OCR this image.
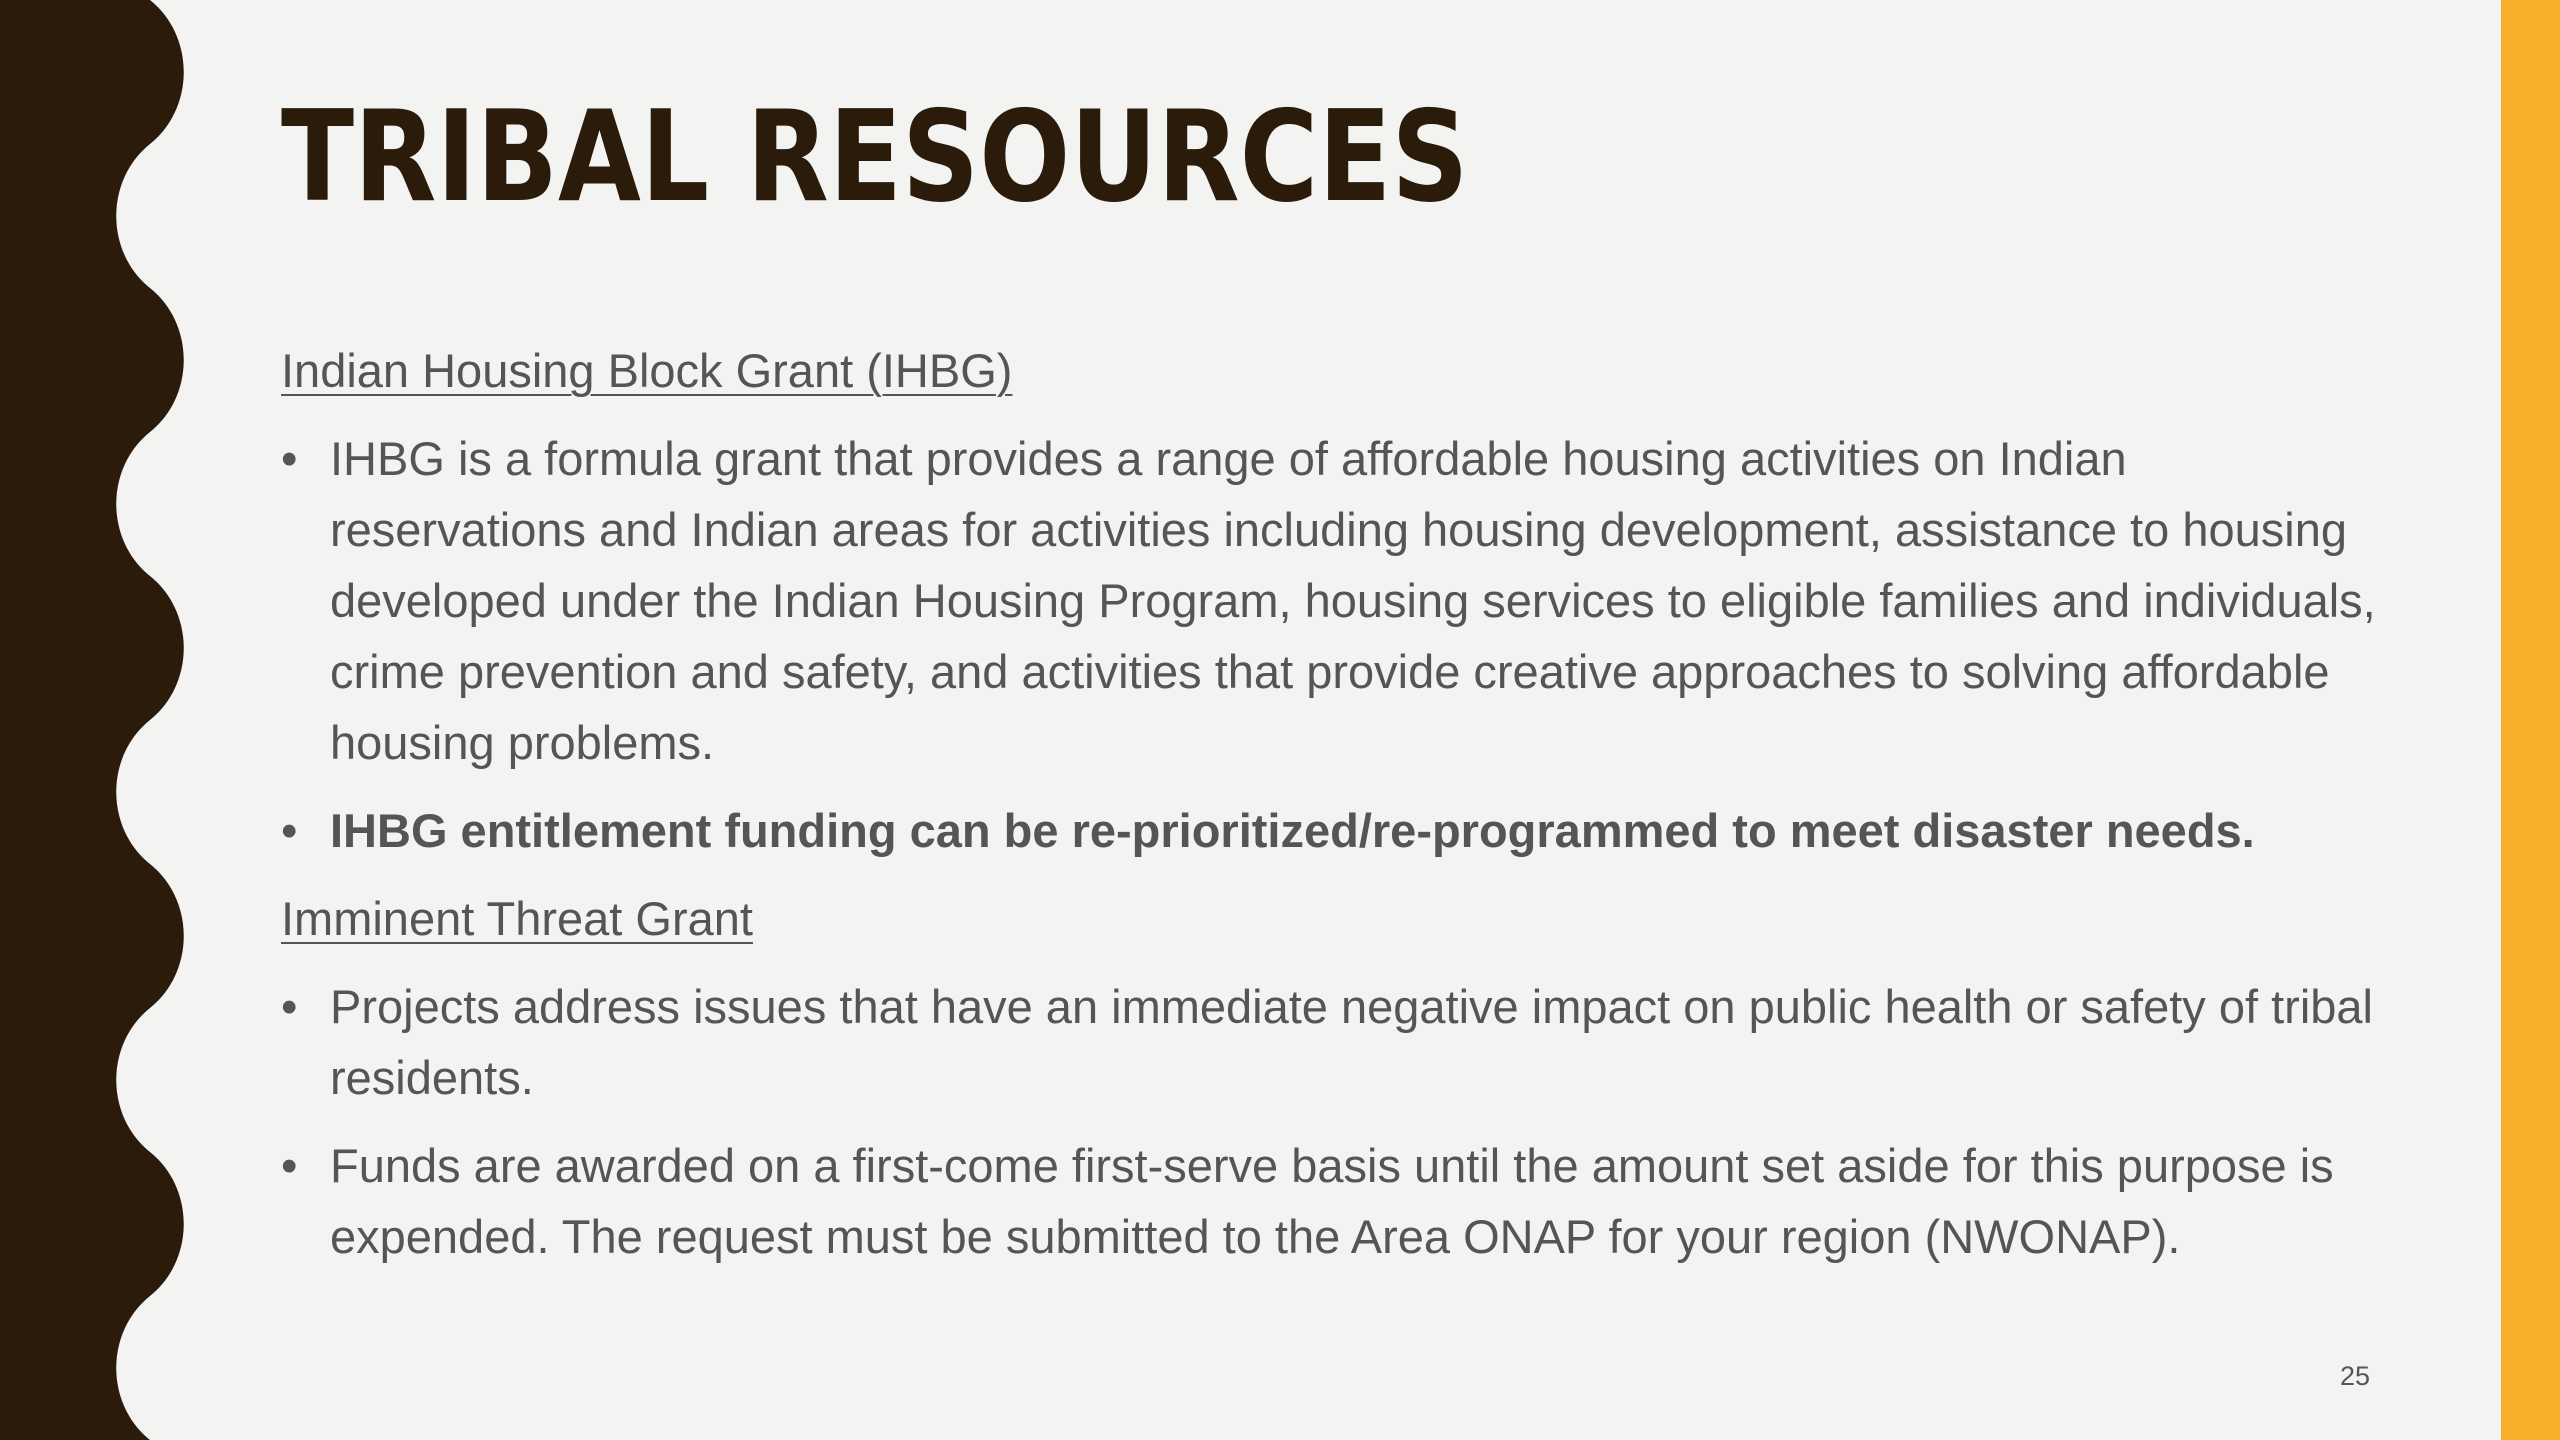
TRIBAL RESOURCES

Indian Housing Block Grant (IHBG)

• IHBG is a formula grant that provides a range of affordable housing activities on Indian reservations and Indian areas for activities including housing development, assistance to housing developed under the Indian Housing Program, housing services to eligible families and individuals, crime prevention and safety, and activities that provide creative approaches to solving affordable housing problems.
• IHBG entitlement funding can be re-prioritized/re-programmed to meet disaster needs.

Imminent Threat Grant

• Projects address issues that have an immediate negative impact on public health or safety of tribal residents.
• Funds are awarded on a first-come first-serve basis until the amount set aside for this purpose is expended. The request must be submitted to the Area ONAP for your region (NWONAP).
25
